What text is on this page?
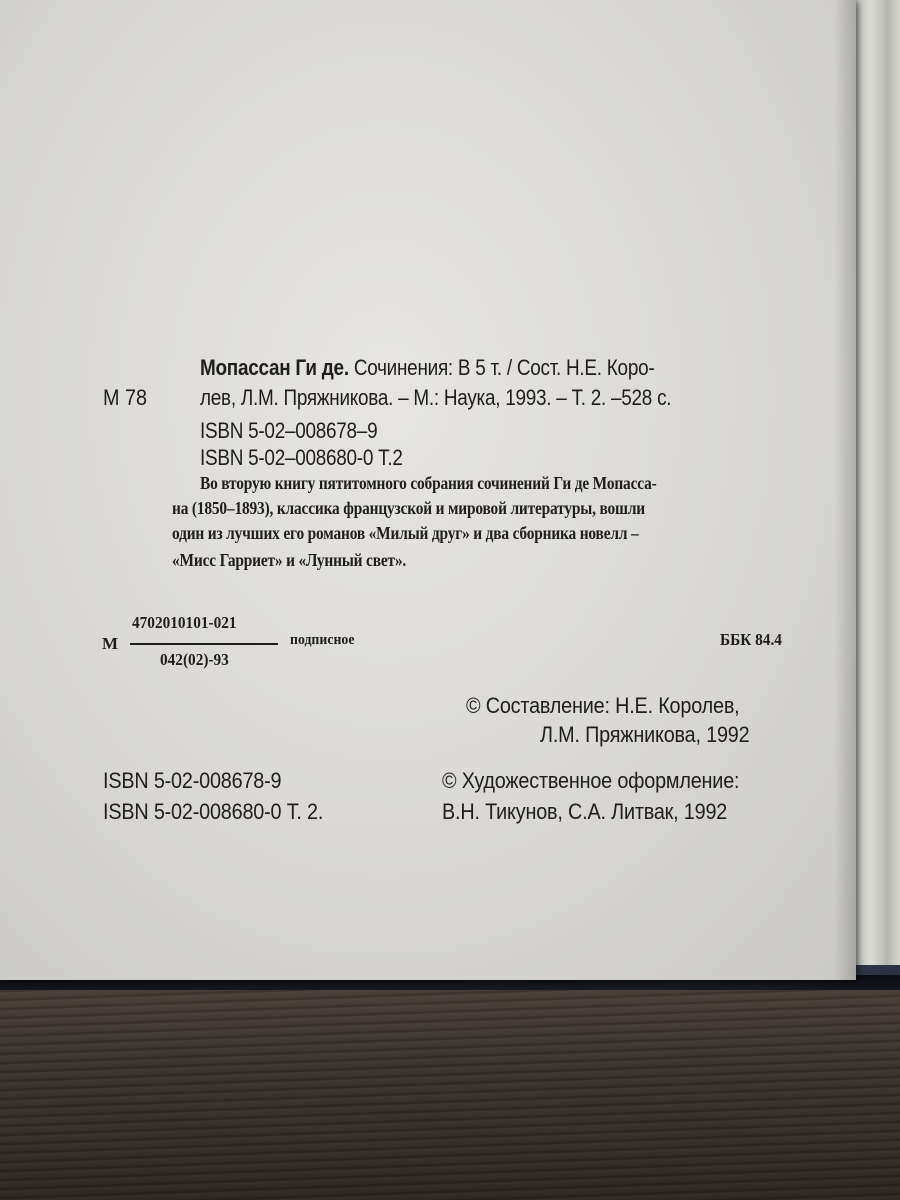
М 78
Мопассан Ги де. Сочинения: В 5 т. / Сост. Н.Е. Коро-
лев, Л.М. Пряжникова. – М.: Наука, 1993. – Т. 2. –528 с.
ISBN 5-02–008678–9
ISBN 5-02–008680-0 Т.2
Во вторую книгу пятитомного собрания сочинений Ги де Мопасса-
на (1850–1893), классика французской и мировой литературы, вошли
один из лучших его романов «Милый друг» и два сборника новелл –
«Мисс Гарриет» и «Лунный свет».
М
4702010101-021
042(02)-93
подписное	ББК 84.4
© Составление: Н.Е. Королев,
Л.М. Пряжникова, 1992
ISBN 5-02-008678-9
ISBN 5-02-008680-0 Т. 2.
© Художественное оформление:
В.Н. Тикунов, С.А. Литвак, 1992
